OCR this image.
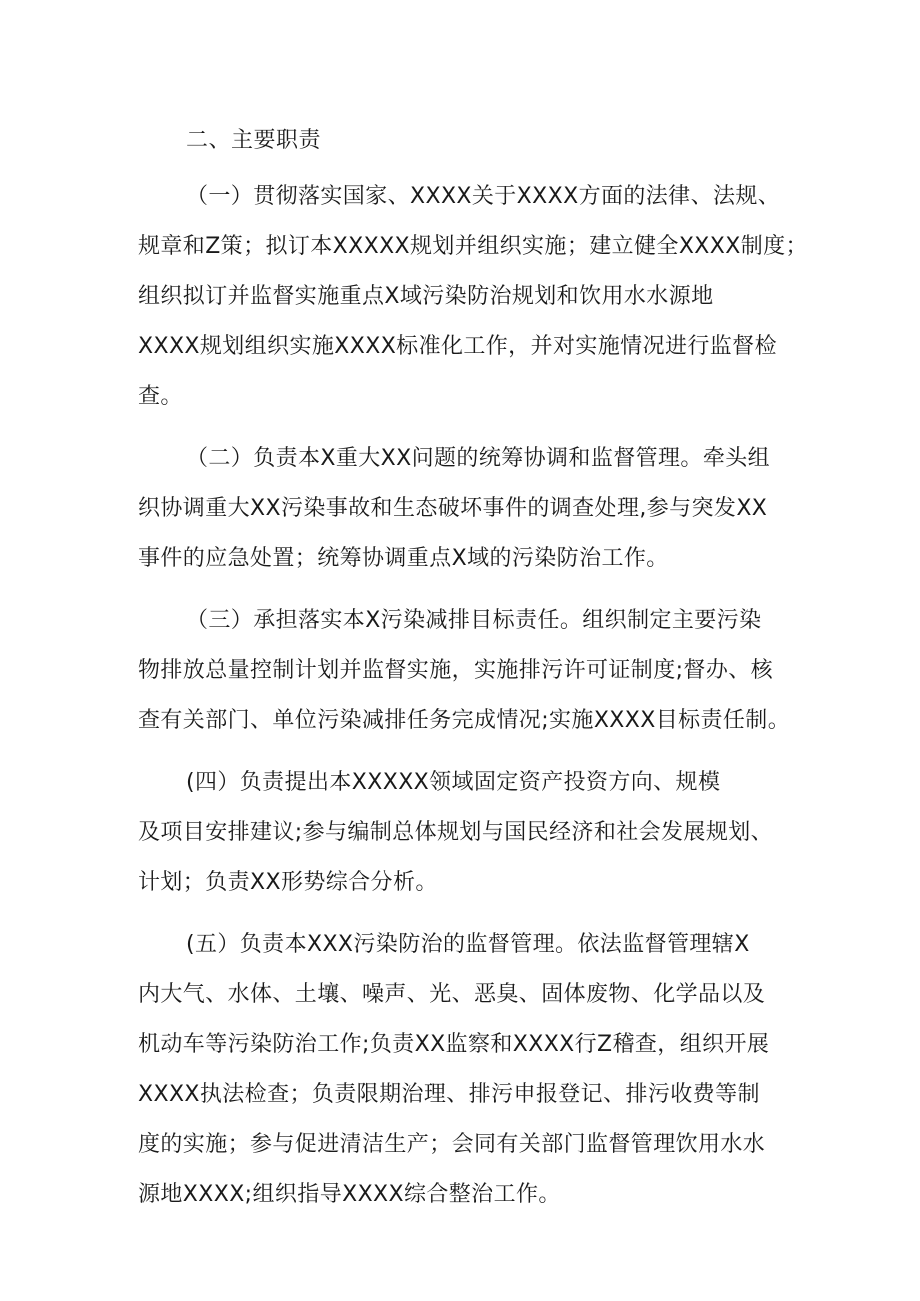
二、主要职责
（一）贯彻落实国家、XXXX关于XXXX方面的法律、法规、
规章和Z策；拟订本XXXXX规划并组织实施；建立健全XXXX制度；
组织拟订并监督实施重点X域污染防治规划和饮用水水源地
XXXX规划组织实施XXXX标准化工作，并对实施情况进行监督检
查。
（二）负责本X重大XX问题的统筹协调和监督管理。牵头组
织协调重大XX污染事故和生态破坏事件的调查处理,参与突发XX
事件的应急处置；统筹协调重点X域的污染防治工作。
（三）承担落实本X污染减排目标责任。组织制定主要污染
物排放总量控制计划并监督实施，实施排污许可证制度;督办、核
查有关部门、单位污染减排任务完成情况;实施XXXX目标责任制。
(四）负责提出本XXXXX领域固定资产投资方向、规模
及项目安排建议;参与编制总体规划与国民经济和社会发展规划、
计划；负责XX形势综合分析。
(五）负责本XXX污染防治的监督管理。依法监督管理辖X
内大气、水体、土壤、噪声、光、恶臭、固体废物、化学品以及
机动车等污染防治工作;负责XX监察和XXXX行Z稽查，组织开展
XXXX执法检查；负责限期治理、排污申报登记、排污收费等制
度的实施；参与促进清洁生产；会同有关部门监督管理饮用水水
源地XXXX;组织指导XXXX综合整治工作。
